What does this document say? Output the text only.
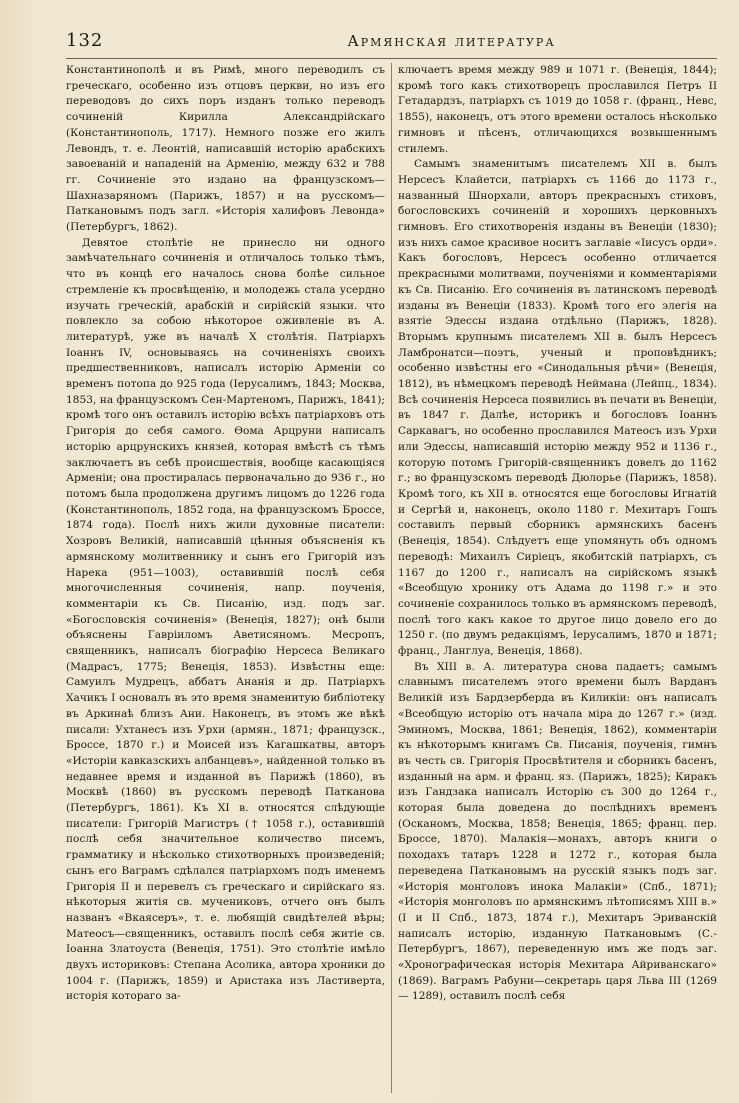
132	Армянская литература

Константинополѣ и въ Римѣ, много переводилъ съ греческаго, особенно изъ отцовъ церкви, но изъ его переводовъ до сихъ поръ изданъ только переводъ сочиненій Кирилла Александрійскаго (Константинополь, 1717). Немного позже его жилъ Левондъ, т. е. Леонтій, написавшій исторію арабскихъ завоеваній и нападеній на Арменію, между 632 и 788 гг. Сочиненіе это издано на французскомъ—Шахназаряномъ (Парижъ, 1857) и на русскомъ—Паткановымъ подъ загл. «Исторія халифовъ Левонда» (Петербургъ, 1862).

Девятое столѣтіе не принесло ни одного замѣчательнаго сочиненія и отличалось только тѣмъ, что въ концѣ его началось снова болѣе сильное стремленіе къ просвѣщенію, и молодежь стала усердно изучать греческій, арабскій и сирійскій языки. что повлекло за собою нѣкоторое оживленіе въ А. литературѣ, уже въ началѣ X столѣтія. Патріархъ Іоаннъ IV, основываясь на сочиненіяхъ своихъ предшественниковъ, написалъ исторію Арменіи со временъ потопа до 925 года (Іерусалимъ, 1843; Москва, 1853, на французскомъ Сен-Мартеномъ, Парижъ, 1841); кромѣ того онъ оставилъ исторію всѣхъ патріарховъ отъ Григорія до себя самого. Өома Арцруни написалъ исторію арцрунскихъ князей, которая вмѣстѣ съ тѣмъ заключаетъ въ себѣ происшествія, вообще касающіяся Арменіи; она простиралась первоначально до 936 г., но потомъ была продолжена другимъ лицомъ до 1226 года (Константинополь, 1852 года, на французскомъ Броссе, 1874 года). Послѣ нихъ жили духовные писатели: Хозровъ Великій, написавшій цѣнныя объясненія къ армянскому молитвеннику и сынъ его Григорій изъ Нарека (951—1003), оставившій послѣ себя многочисленныя сочиненія, напр. поученія, комментаріи къ Св. Писанію, изд. подъ заг. «Богословскія сочиненія» (Венеція, 1827); онѣ были объяснены Гавріиломъ Аветисяномъ. Месропъ, священникъ, написалъ біографію Нерсеса Великаго (Мадрасъ, 1775; Венеція, 1853). Извѣстны еще: Самуилъ Мудрецъ, аббатъ Ананія и др. Патріархъ Хачикъ I основалъ въ это время знаменитую библіотеку въ Аркинаѣ близъ Ани. Наконецъ, въ этомъ же вѣкѣ писали: Ухтанесъ изъ Урхи (армян., 1871; французск., Броссе, 1870 г.) и Моисей изъ Кагашкатвы, авторъ «Исторіи кавказскихъ албанцевъ», найденной только въ недавнее время и изданной въ Парижѣ (1860), въ Москвѣ (1860) въ русскомъ переводѣ Патканова (Петербургъ, 1861). Къ XI в. относятся слѣдующіе писатели: Григорій Магистръ († 1058 г.), оставившій послѣ себя значительное количество писемъ, грамматику и нѣсколько стихотворныхъ произведеній; сынъ его Ваграмъ сдѣлался патріархомъ подъ именемъ Григорія II и перевелъ съ греческаго и сирійскаго яз. нѣкоторыя житія св. мучениковъ, отчего онъ былъ названъ «Вкаясеръ», т. е. любящій свидѣтелей вѣры; Матеосъ—священникъ, оставилъ послѣ себя житіе св. Іоанна Златоуста (Венеція, 1751). Это столѣтіе имѣло двухъ историковъ: Степана Асолика, автора хроники до 1004 г. (Парижъ, 1859) и Аристака изъ Ластиверта, исторія котораго за-

ключаетъ время между 989 и 1071 г. (Венеція, 1844); кромѣ того какъ стихотворецъ прославился Петръ II Гетадардзъ, патріархъ съ 1019 до 1058 г. (франц., Невс, 1855), наконецъ, отъ этого времени осталось нѣсколько гимновъ и пѣсенъ, отличающихся возвышеннымъ стилемъ.

Самымъ знаменитымъ писателемъ XII в. былъ Нерсесъ Клайетси, патріархъ съ 1166 до 1173 г., названный Шнорхали, авторъ прекрасныхъ стиховъ, богословскихъ сочиненій и хорошихъ церковныхъ гимновъ. Его стихотворенія изданы въ Венеціи (1830); изъ нихъ самое красивое носитъ заглавіе «Іисусъ орди». Какъ богословъ, Нерсесъ особенно отличается прекрасными молитвами, поученіями и комментаріями къ Св. Писанію. Его сочиненія въ латинскомъ переводѣ изданы въ Венеціи (1833). Кромѣ того его элегія на взятіе Эдессы издана отдѣльно (Парижъ, 1828). Вторымъ крупнымъ писателемъ XII в. былъ Нерсесъ Ламбронатси—поэтъ, ученый и проповѣдникъ; особенно извѣстны его «Синодальныя рѣчи» (Венеція, 1812), въ нѣмецкомъ переводѣ Неймана (Лейпц., 1834). Всѣ сочиненія Нерсеса появились въ печати въ Венеціи, въ 1847 г. Далѣе, историкъ и богословъ Іоаннъ Саркавагъ, но особенно прославился Матеосъ изъ Урхи или Эдессы, написавшій исторію между 952 и 1136 г., которую потомъ Григорій-священникъ довелъ до 1162 г.; во французскомъ переводѣ Дюлорье (Парижъ, 1858). Кромѣ того, къ XII в. относятся еще богословы Игнатій и Сергѣй и, наконецъ, около 1180 г. Мехитаръ Гошъ составилъ первый сборникъ армянскихъ басенъ (Венеція, 1854). Слѣдуетъ еще упомянуть объ одномъ переводѣ: Михаилъ Сиріецъ, якобитскій патріархъ, съ 1167 до 1200 г., написалъ на сирійскомъ языкѣ «Всеобщую хронику отъ Адама до 1198 г.» и это сочиненіе сохранилось только въ армянскомъ переводѣ, послѣ того какъ какое то другое лицо довело его до 1250 г. (по двумъ редакціямъ, Іерусалимъ, 1870 и 1871; франц., Ланглуа, Венеція, 1868).

Въ XIII в. А. литература снова падаетъ; самымъ славнымъ писателемъ этого времени былъ Варданъ Великій изъ Бардзерберда въ Киликіи: онъ написалъ «Всеобщую исторію отъ начала міра до 1267 г.» (изд. Эминомъ, Москва, 1861; Венеція, 1862), комментаріи къ нѣкоторымъ книгамъ Св. Писанія, поученія, гимнъ въ честь св. Григорія Просвѣтителя и сборникъ басенъ, изданный на арм. и франц. яз. (Парижъ, 1825); Киракъ изъ Гандзака написалъ Исторію съ 300 до 1264 г., которая была доведена до послѣднихъ временъ (Осканомъ, Москва, 1858; Венеція, 1865; франц. пер. Броссе, 1870). Малакія—монахъ, авторъ книги о походахъ татаръ 1228 и 1272 г., которая была переведена Паткановымъ на русскій языкъ подъ заг. «Исторія монголовъ инока Малакіи» (Спб., 1871); «Исторія монголовъ по армянскимъ лѣтописямъ XIII в.» (I и II Спб., 1873, 1874 г.), Мехитаръ Эриванскій написалъ исторію, изданную Паткановымъ (С.-Петербургъ, 1867), переведенную имъ же подъ заг. «Хронографическая исторія Мехитара Айриванскаго» (1869). Ваграмъ Рабуни—секретарь царя Льва III (1269 — 1289), оставилъ послѣ себя
